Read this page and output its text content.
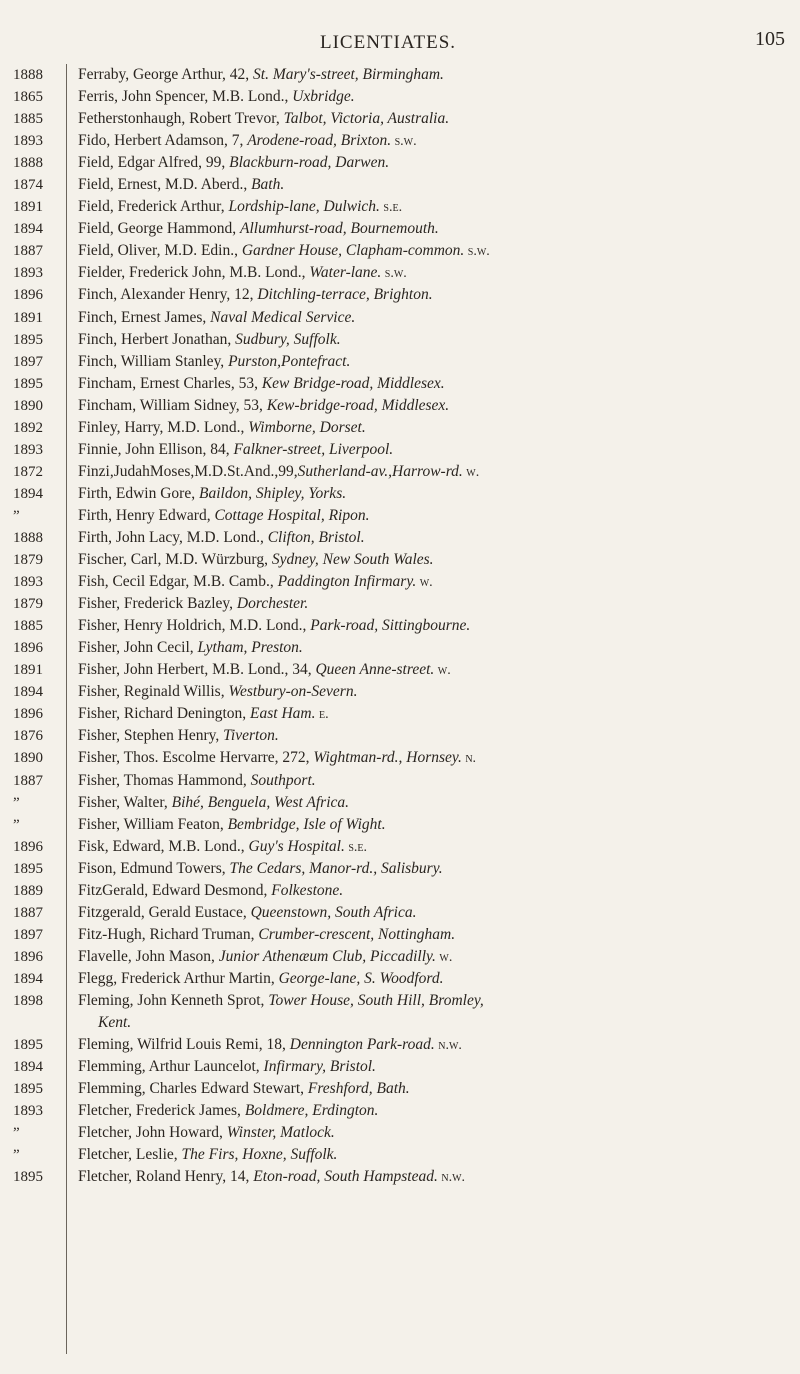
LICENTIATES.	105
1888
1865
1885
1893
1888
1874
1891
1894
1887
1893
1896
1891
1895
1897
1895
1890
1892
1893
1872
1894
”
1888
1879
1893
1879
1885
1896
1891
1894
1896
1876
1890
1887
”
”
1896
1895
1889
1887
1897
1896
1894
1898
1895
1894
1895
1893
”
”
1895
Ferraby, George Arthur, 42, St. Mary's-street, Birmingham.
Ferris, John Spencer, M.B. Lond., Uxbridge.
Fetherstonhaugh, Robert Trevor, Talbot, Victoria, Australia.
Fido, Herbert Adamson, 7, Arodene-road, Brixton. s.w.
Field, Edgar Alfred, 99, Blackburn-road, Darwen.
Field, Ernest, M.D. Aberd., Bath.
Field, Frederick Arthur, Lordship-lane, Dulwich. s.e.
Field, George Hammond, Allumhurst-road, Bournemouth.
Field, Oliver, M.D. Edin., Gardner House, Clapham-common. s.w.
Fielder, Frederick John, M.B. Lond., Water-lane. s.w.
Finch, Alexander Henry, 12, Ditchling-terrace, Brighton.
Finch, Ernest James, Naval Medical Service.
Finch, Herbert Jonathan, Sudbury, Suffolk.
Finch, William Stanley, Purston,Pontefract.
Fincham, Ernest Charles, 53, Kew Bridge-road, Middlesex.
Fincham, William Sidney, 53, Kew-bridge-road, Middlesex.
Finley, Harry, M.D. Lond., Wimborne, Dorset.
Finnie, John Ellison, 84, Falkner-street, Liverpool.
Finzi,JudahMoses,M.D.St.And.,99,Sutherland-av.,Harrow-rd. w.
Firth, Edwin Gore, Baildon, Shipley, Yorks.
Firth, Henry Edward, Cottage Hospital, Ripon.
Firth, John Lacy, M.D. Lond., Clifton, Bristol.
Fischer, Carl, M.D. Würzburg, Sydney, New South Wales.
Fish, Cecil Edgar, M.B. Camb., Paddington Infirmary. w.
Fisher, Frederick Bazley, Dorchester.
Fisher, Henry Holdrich, M.D. Lond., Park-road, Sittingbourne.
Fisher, John Cecil, Lytham, Preston.
Fisher, John Herbert, M.B. Lond., 34, Queen Anne-street. w.
Fisher, Reginald Willis, Westbury-on-Severn.
Fisher, Richard Denington, East Ham. e.
Fisher, Stephen Henry, Tiverton.
Fisher, Thos. Escolme Hervarre, 272, Wightman-rd., Hornsey. n.
Fisher, Thomas Hammond, Southport.
Fisher, Walter, Bihé, Benguela, West Africa.
Fisher, William Featon, Bembridge, Isle of Wight.
Fisk, Edward, M.B. Lond., Guy's Hospital. s.e.
Fison, Edmund Towers, The Cedars, Manor-rd., Salisbury.
FitzGerald, Edward Desmond, Folkestone.
Fitzgerald, Gerald Eustace, Queenstown, South Africa.
Fitz-Hugh, Richard Truman, Crumber-crescent, Nottingham.
Flavelle, John Mason, Junior Athenæum Club, Piccadilly. w.
Flegg, Frederick Arthur Martin, George-lane, S. Woodford.
Fleming, John Kenneth Sprot, Tower House, South Hill, Bromley,
Kent.
Fleming, Wilfrid Louis Remi, 18, Dennington Park-road. n.w.
Flemming, Arthur Launcelot, Infirmary, Bristol.
Flemming, Charles Edward Stewart, Freshford, Bath.
Fletcher, Frederick James, Boldmere, Erdington.
Fletcher, John Howard, Winster, Matlock.
Fletcher, Leslie, The Firs, Hoxne, Suffolk.
Fletcher, Roland Henry, 14, Eton-road, South Hampstead. n.w.
